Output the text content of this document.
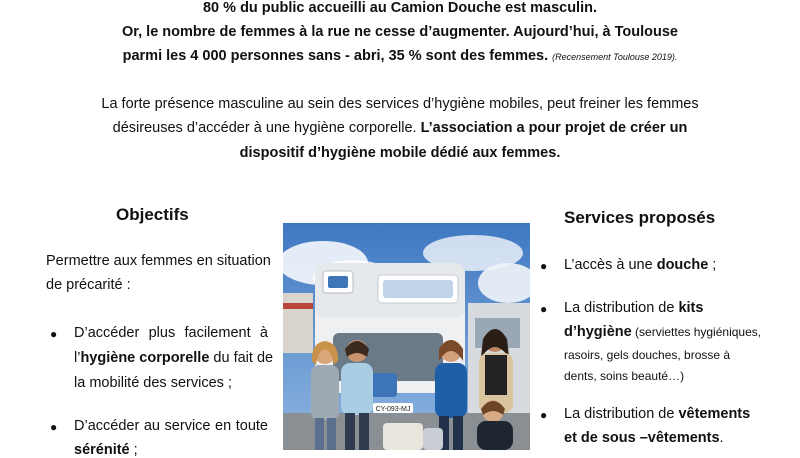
80 % du public accueilli au Camion Douche est masculin.
Or, le nombre de femmes à la rue ne cesse d’augmenter. Aujourd’hui, à Toulouse
parmi les 4 000 personnes sans - abri, 35 % sont des femmes. (Recensement Toulouse 2019).
La forte présence masculine au sein des services d’hygiène mobiles, peut freiner les femmes
désireuses d’accéder à une hygiène corporelle. L’association a pour projet de créer un
dispositif d’hygiène mobile dédié aux femmes.
Objectifs
Permettre aux femmes en situation
de précarité :
● D’accéder plus facilement à
l’hygiène corporelle du fait de
la mobilité des services ;
● D’accéder au service en toute
sérénité ;
CY-093-MJ
Services proposés
● L’accès à une douche ;
● La distribution de kits
d’hygiène (serviettes hygiéniques,
rasoirs, gels douches, brosse à
dents, soins beauté…)
● La distribution de vêtements
et de sous –vêtements.
